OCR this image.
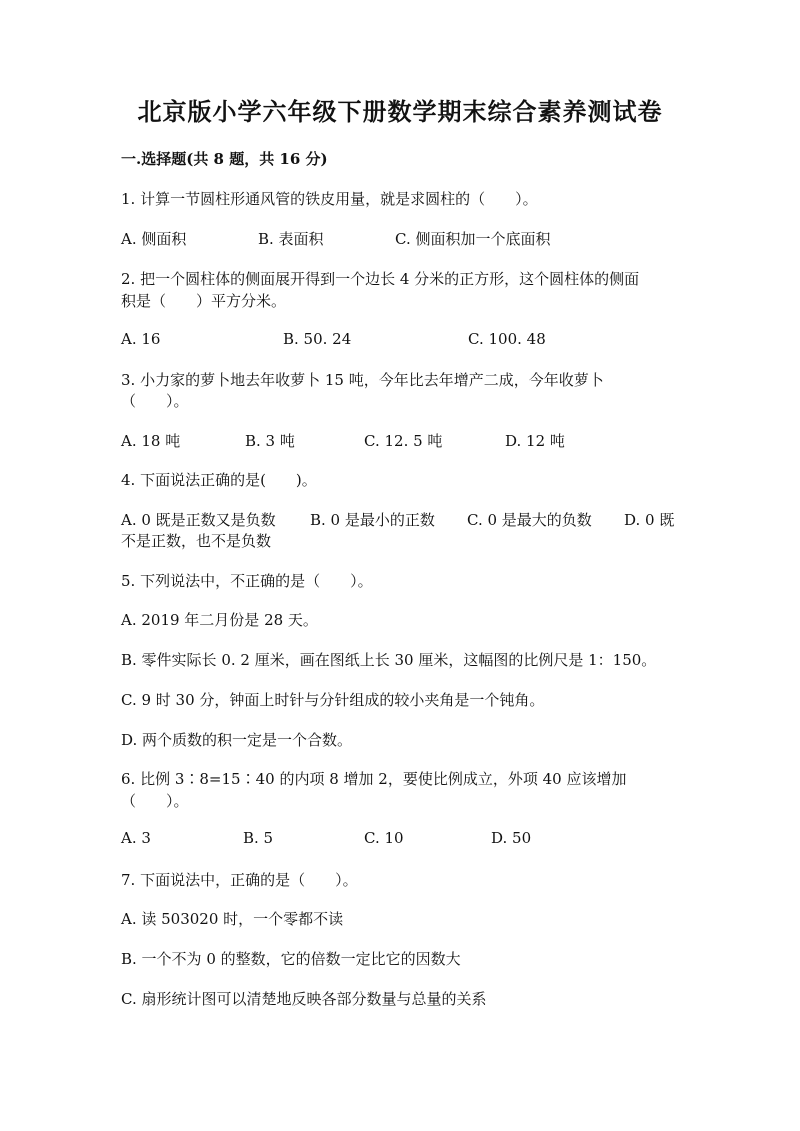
北京版小学六年级下册数学期末综合素养测试卷
一.选择题(共 8 题，共 16 分)
1. 计算一节圆柱形通风管的铁皮用量，就是求圆柱的（　　）。
A. 侧面积	B. 表面积	C. 侧面积加一个底面积
2. 把一个圆柱体的侧面展开得到一个边长 4 分米的正方形，这个圆柱体的侧面
积是（　　）平方分米。
A. 16	B. 50. 24	C. 100. 48
3. 小力家的萝卜地去年收萝卜 15 吨，今年比去年增产二成，今年收萝卜
（　　）。
A. 18 吨	B. 3 吨	C. 12. 5 吨	D. 12 吨
4. 下面说法正确的是(　　)。
A. 0 既是正数又是负数 B. 0 是最小的正数 C. 0 是最大的负数 D. 0 既
不是正数，也不是负数
5. 下列说法中，不正确的是（　　）。
A. 2019 年二月份是 28 天。
B. 零件实际长 0. 2 厘米，画在图纸上长 30 厘米，这幅图的比例尺是 1：150。
C. 9 时 30 分，钟面上时针与分针组成的较小夹角是一个钝角。
D. 两个质数的积一定是一个合数。
6. 比例 3∶8=15∶40 的内项 8 增加 2，要使比例成立，外项 40 应该增加
（　　）。
A. 3	B. 5	C. 10	D. 50
7. 下面说法中，正确的是（　　）。
A. 读 503020 时，一个零都不读
B. 一个不为 0 的整数，它的倍数一定比它的因数大
C. 扇形统计图可以清楚地反映各部分数量与总量的关系
